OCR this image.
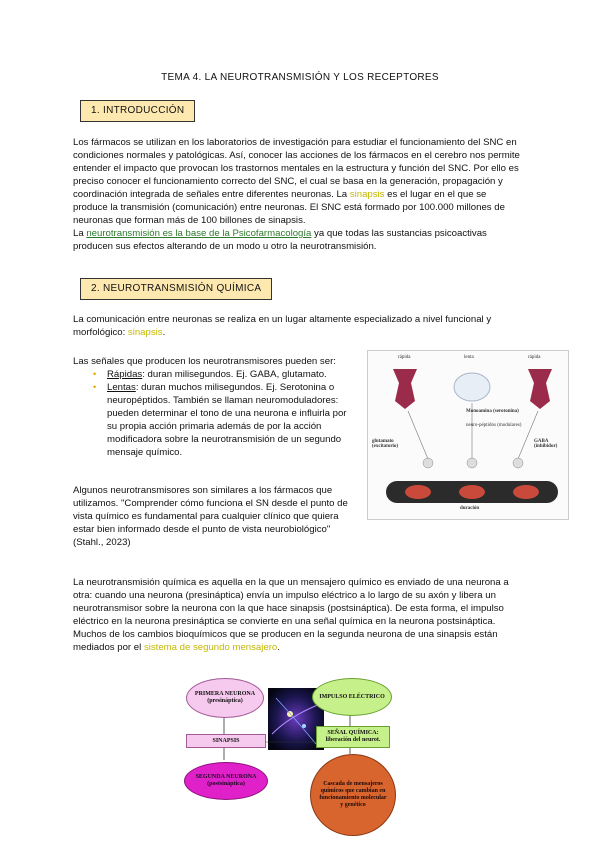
TEMA 4. LA NEUROTRANSMISIÓN Y LOS RECEPTORES
1. INTRODUCCIÓN
Los fármacos se utilizan en los laboratorios de investigación para estudiar el funcionamiento del SNC en condiciones normales y patológicas. Así, conocer las acciones de los fármacos en el cerebro nos permite entender el impacto que provocan los trastornos mentales en la estructura y función del SNC. Por ello es preciso conocer el funcionamiento correcto del SNC, el cual se basa en la generación, propagación y coordinación integrada de señales entre diferentes neuronas. La sinapsis es el lugar en el que se produce la transmisión (comunicación) entre neuronas. El SNC está formado por 100.000 millones de neuronas que forman más de 100 billones de sinapsis.
La neurotransmisión es la base de la Psicofarmacología ya que todas las sustancias psicoactivas producen sus efectos alterando de un modo u otro la neurotransmisión.
2. NEUROTRANSMISIÓN QUÍMICA
La comunicación entre neuronas se realiza en un lugar altamente especializado a nivel funcional y morfológico: sinapsis.
Las señales que producen los neurotransmisores pueden ser:
• Rápidas: duran milisegundos. Ej. GABA, glutamato.
• Lentas: duran muchos milisegundos. Ej. Serotonina o neuropéptidos. También se llaman neuromoduladores: pueden determinar el tono de una neurona e influirla por su propia acción primaria además de por la acción modificadora sobre la neurotransmisión de un segundo mensaje químico.
Algunos neurotransmisores son similares a los fármacos que utilizamos. "Comprender cómo funciona el SN desde el punto de vista químico es fundamental para cualquier clínico que quiera estar bien informado desde el punto de vista neurobiológico" (Stahl., 2023)
rápida	lenta	rápida
Monoamina (serotonina)
neuro-péptidos (modulares)
glutamato (excitatorio)
GABA (inhibidor)
duración
La neurotransmisión química es aquella en la que un mensajero químico es enviado de una neurona a otra: cuando una neurona (presináptica) envía un impulso eléctrico a lo largo de su axón y libera un neurotransmisor sobre la neurona con la que hace sinapsis (postsináptica). De esta forma, el impulso eléctrico en la neurona presináptica se convierte en una señal química en la neurona postsináptica. Muchos de los cambios bioquímicos que se producen en la segunda neurona de una sinapsis están mediados por el sistema de segundo mensajero.
PRIMERA NEURONA (presináptica)
IMPULSO ELÉCTRICO
SINAPSIS
SEÑAL QUÍMICA: liberación del neurot.
SEGUNDA NEURONA (postsináptica)	Cascada de mensajeros químicos que cambian en funcionamiento molecular y genético
